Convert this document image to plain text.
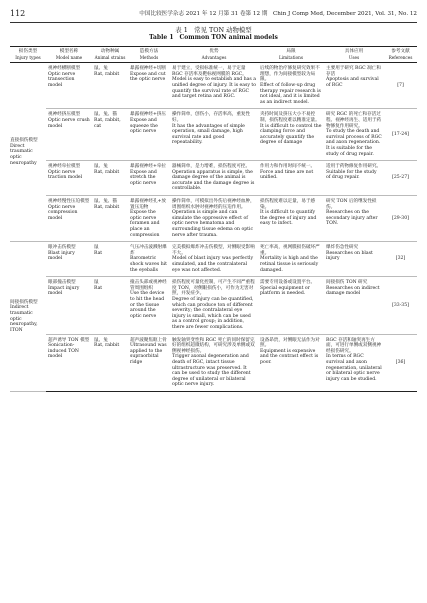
112	中国比较医学杂志 2021 年 12 月第 31 卷第 12 期　Chin J Comp Med, December 2021, Vol. 31, No. 12
表 1　常见 TON 动物模型
Table 1　Common TON animal models
损伤类型
Injury types	模型名称
Model name	动物种属
Animal strains	造模方法
Methods	优势
Advantages	局限
Limitations	具体应用
Uses	参考文献
References

直接损伤模型
Direct traumatic optic neuropathy	视神经横断模型
Optic nerve transection model	鼠、兔
Rat, rabbit	暴露视神经+切断
Expose and cut the optic nerve	易于建立，受损标准统一，易于定量 RGC 存活率及靶标视网膜的 RGC。
Model is easy to establish and has a unified degree of injury. It is easy to quantify the survival rate of RGC and target retina and RGC.	后续的物治疗修复研究效果不理想，作为间接模型较为局限。
Effect of follow-up drug therapy repair research is not ideal, and it is limited as an indirect model.	主要用于研究 RGC 凋亡和存活
Apoptosis and survival of RGC	[7]

	视神经挤压模型
Optic nerve crush model	鼠、兔、猫
Rat, rabbit, cat	暴露视神经+挤压
Expose and squeeze the optic nerve	操作简单，创伤小，存活率高，重复性好。
It has the advantages of simple operation, small damage, high survival rate and good repeatability.	夹持时间及挤压大小不易控制，损伤程度难以精准定量。
It is difficult to control the clamping force and accurately quantify the degree of damage	研究 RGC 的死亡和存活过程、视神经再生、适用于药物修复作用研究。
To study the death and survival process of RGC and axon regeneration. It is suitable for the study of drug repair.	[17-24]

	视神经牵拉模型
Optic nerve traction model	鼠、兔
Rat, rabbit	暴露视神经+牵拉
Expose and stretch the optic nerve	器械简单，是力增难，损伤程度可控。
Operation apparatus is simple, the damage degree of the animal is accurate and the damage degree is controllable.	作用力和作用时间不统一。
Force and time are not unified.	适用于药物修复作用研究。
Suitable for the study of drug repair.	[25-27]

	视神经慢性压迫模型
Optic nerve compression model	鼠、兔、猫
Rat, rabbit	暴露视神经孔+放置压迫物
Expose the optic nerve foramen and place an compression	操作简单，可模拟出外伤后视神经血肿，周围组织水肿对视神经的压迫作用。
Operation is simple and can simulate the oppressive effect of optic nerve hematoma and surrounding tissue edema on optic nerve after trauma.	损伤程度难以定量，易于感染。
It is difficult to quantify the degree of injury and easy to infect.	研究 TON 后的继发性损伤。
Researches on the secondary injury after TON.	[29-30]

间接损伤模型
Indirect traumatic optic neuropathy, ITON	眼冲击伤模型
Blast injury model	鼠
Rat	气压冲击波溅射爆炸
Barometric shock waves hit the eyeballs	完美模拟爆炸冲击伤模型，对侧眼受影响不大。
Model of blast injury was perfectly simulated, and the contralateral eye was not affected.	死亡率高，视网膜损伤破坏严重。
Mortality is high and the retinal tissue is seriously damaged.	爆炸伤急性研究
Researches on blast injury	[32]

	眼部撞击模型
Impact injury model	鼠
Rat	撞击头部或视神经管周围组织
Use the device to hit the head or the tissue around the optic nerve	损伤程度可量化控制，可产生不同严重程度 TON，对侧眼损伤小，可作为无害对照，并发症少。
Degree of injury can be quantified, which can produce ton of different severity; the contralateral eye injury is small, which can be used as a control group; in addition, there are fewer complications.	需要专用设备或设置平台。
Special equipment or platform is needed.	间接损伤 TON 研究
Researches on indirect damage model	[33-35]

	超声诱导 TON 模型
Sonication-induced TON model	鼠、兔
Rat, rabbit	超声波聚焦眶上骨
Ultrasound was applied to the supraorbital ridge	触发轴突变性和 RGC 死亡的同时保留完好的组织超微结构，可研究涉及单侧或双侧视神经损伤。
Trigger axonal degeneration and death of RGC, intact tissue ultrastructure was preserved. It can be used to study the different degree of unilateral or bilateral optic nerve injury.	设备昂贵，对侧眼无法作为对照。
Equipment is expensive and the contrast effect is poor.	RGC 存活和轴突再生方面，可进行单侧或双侧视神经损伤研究。
In terms of RGC survival and axon regeneration, unilateral or bilateral optic nerve injury can be studied.	[36]
